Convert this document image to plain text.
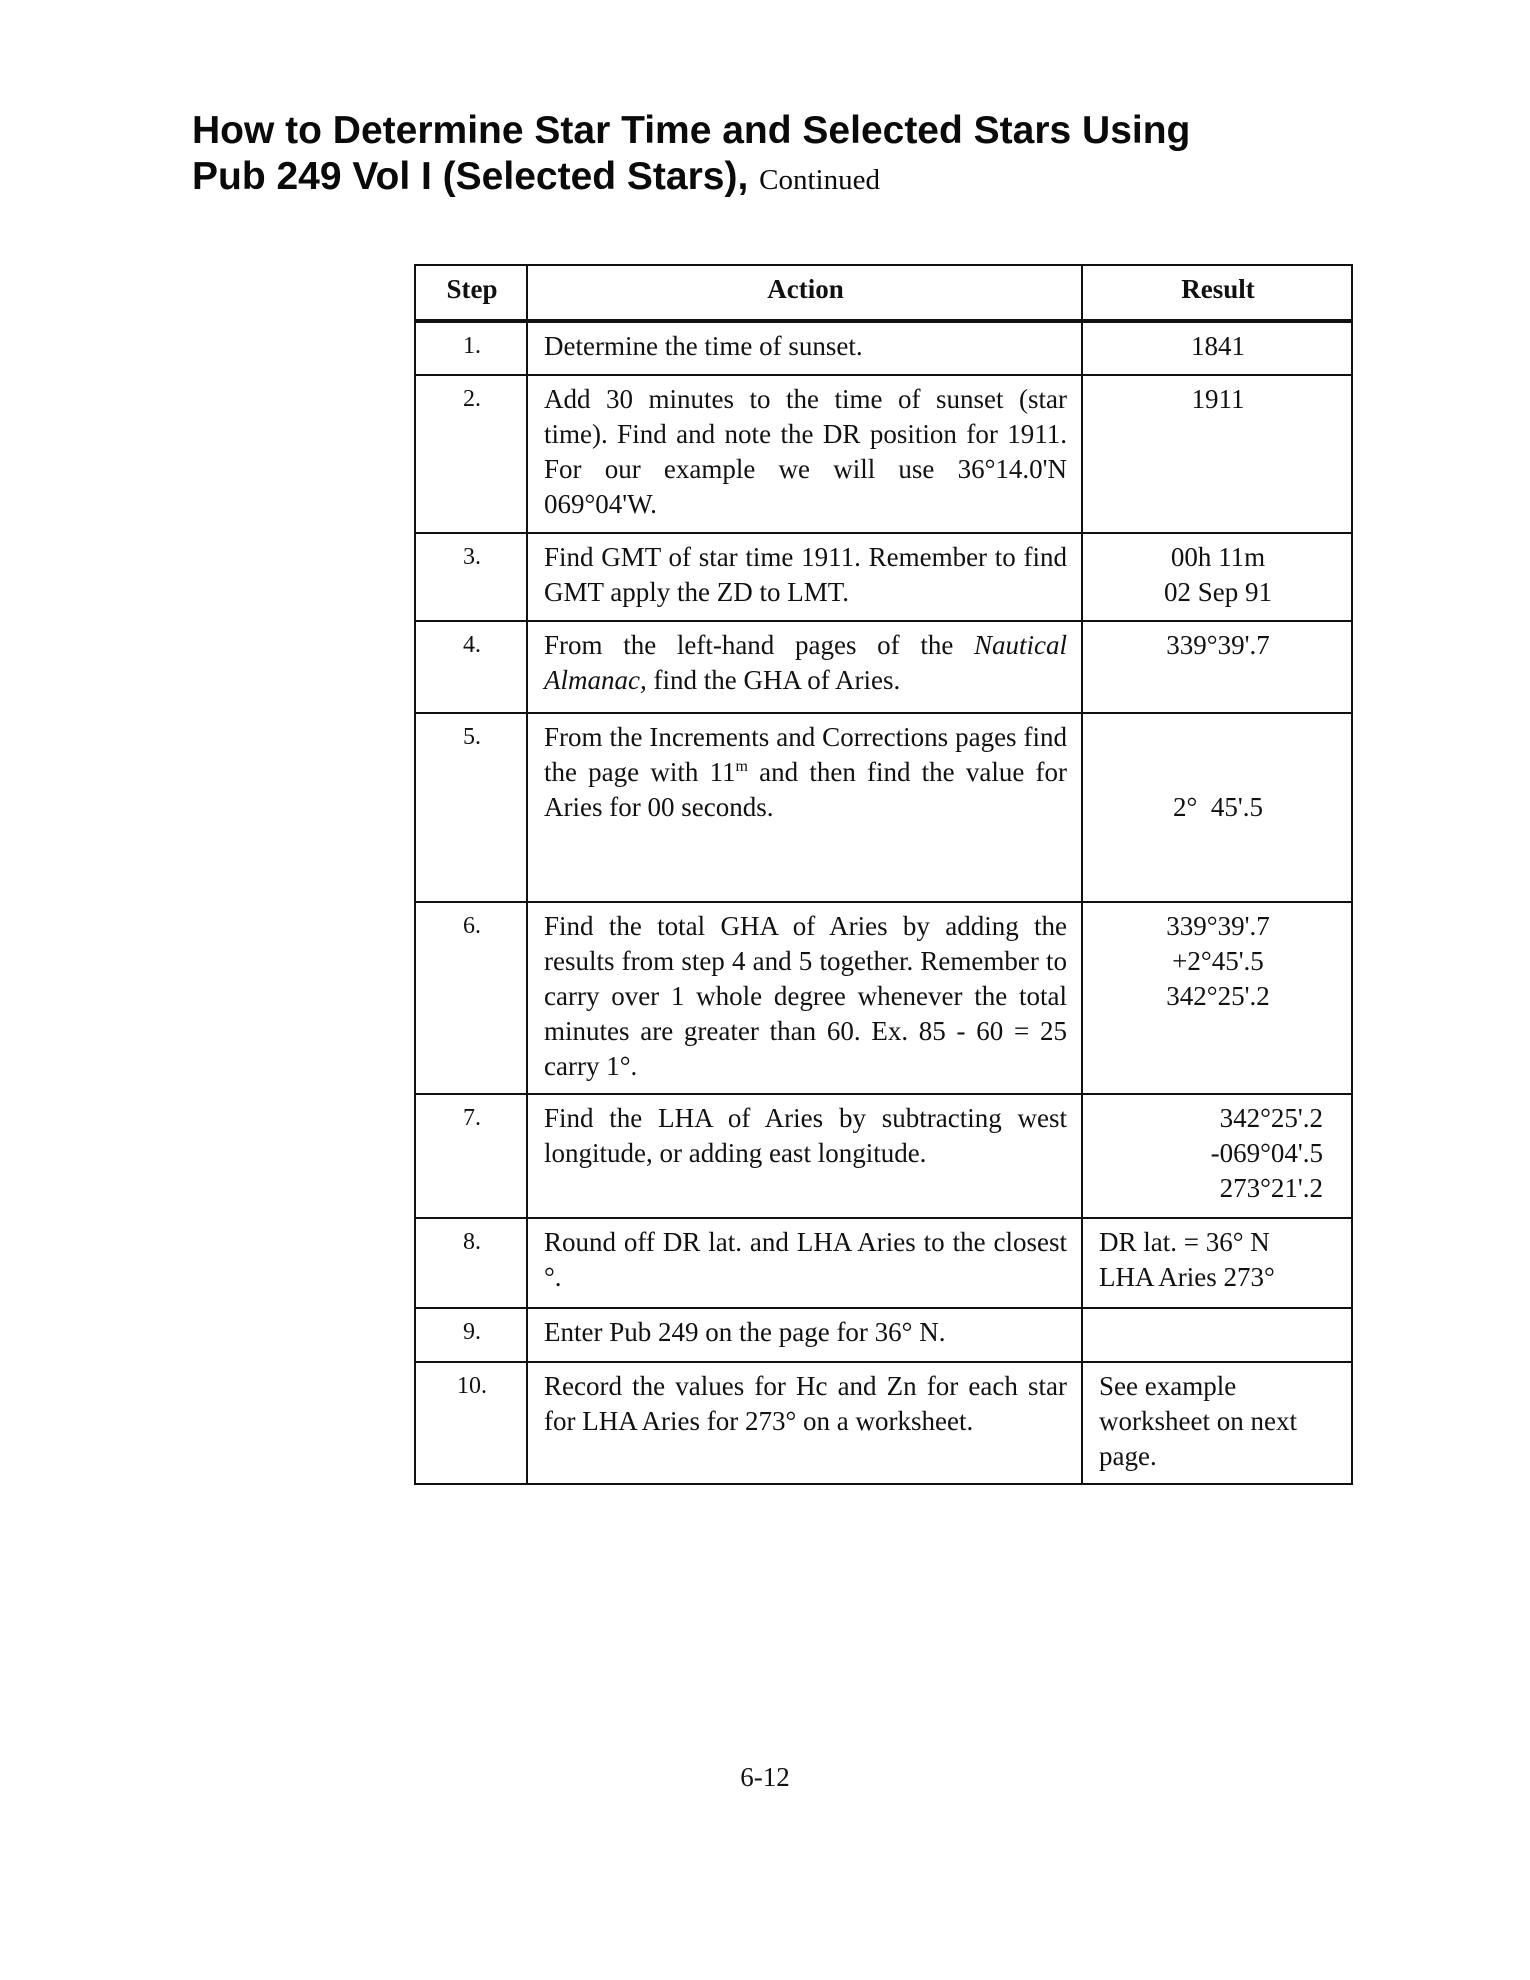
How to Determine Star Time and Selected Stars Using
Pub 249 Vol I (Selected Stars), Continued
Step	Action	Result
1.	Determine the time of sunset.	1841

2.	Add 30 minutes to the time of sunset (star time). Find and note the DR position for 1911. For our example we will use 36°14.0'N 069°04'W.	1911

3.	Find GMT of star time 1911. Remember to find GMT apply the ZD to LMT.	00h 11m
02 Sep 91

4.	From the left-hand pages of the Nautical Almanac, find the GHA of Aries.	339°39'.7

5.	From the Increments and Corrections pages find the page with 11$^m$ and then find the value for Aries for 00 seconds.	2°  45'.5

6.	Find the total GHA of Aries by adding the results from step 4 and 5 together. Remember to carry over 1 whole degree whenever the total minutes are greater than 60. Ex. 85 - 60 = 25 carry 1°.	339°39'.7
+2°45'.5
342°25'.2

7.	Find the LHA of Aries by subtracting west longitude, or adding east longitude.	342°25'.2
-069°04'.5
273°21'.2

8.	Round off DR lat. and LHA Aries to the closest °.	DR lat. = 36° N
LHA Aries 273°

9.	Enter Pub 249 on the page for 36° N.	
10.	Record the values for Hc and Zn for each star for LHA Aries for 273° on a worksheet.	See example
worksheet on next
page.
6-12
